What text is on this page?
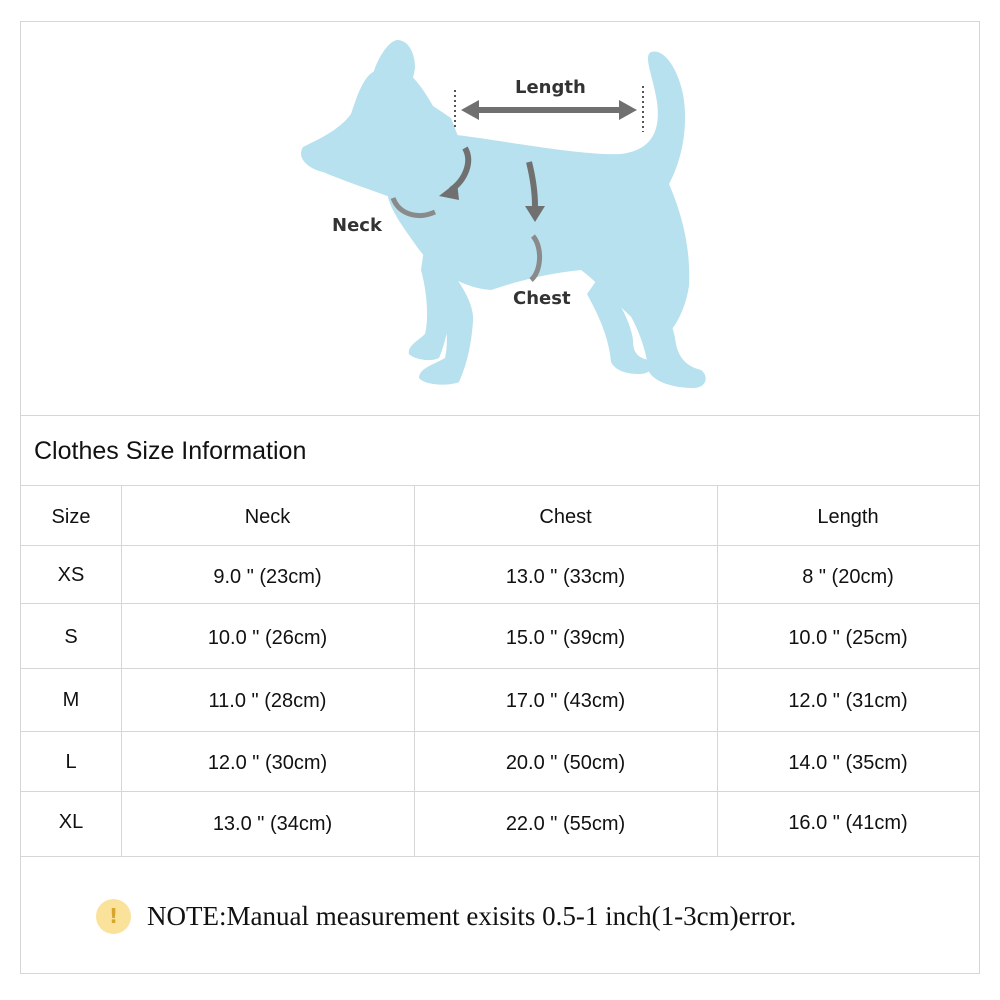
Length
Neck
Chest
Clothes Size Information
Size	Neck	Chest	Length
XS	9.0 " (23cm)	13.0 " (33cm)	8 " (20cm)
S	10.0 " (26cm)	15.0 " (39cm)	10.0 " (25cm)
M	11.0 " (28cm)	17.0 " (43cm)	12.0 " (31cm)
L	12.0 " (30cm)	20.0 " (50cm)	14.0 " (35cm)
XL	13.0 " (34cm)	22.0 " (55cm)	16.0 " (41cm)
!	NOTE:Manual measurement exisits 0.5-1 inch(1-3cm)error.
